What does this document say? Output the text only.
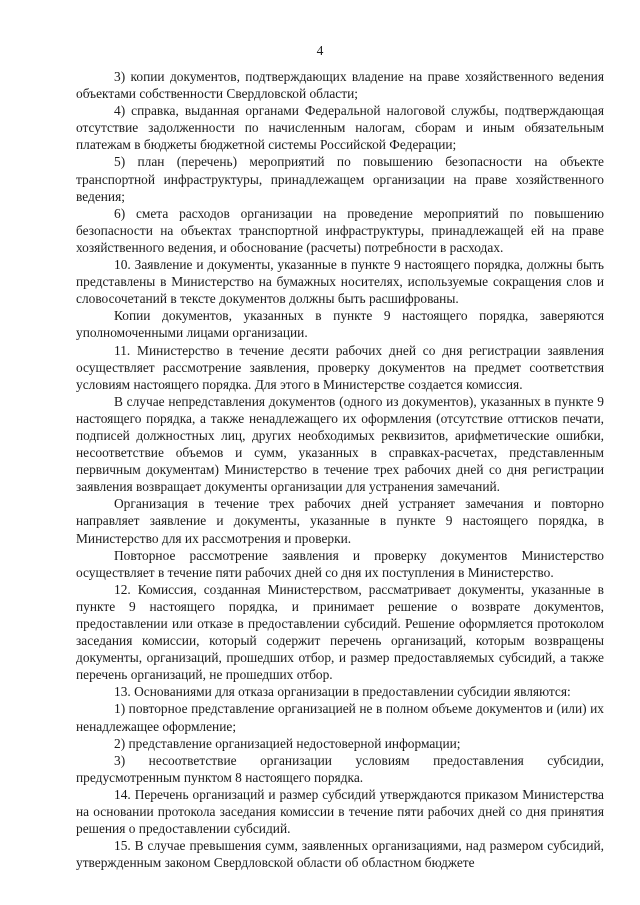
4

3) копии документов, подтверждающих владение на праве хозяйственного ведения объектами собственности Свердловской области;

4) справка, выданная органами Федеральной налоговой службы, подтверждающая отсутствие задолженности по начисленным налогам, сборам и иным обязательным платежам в бюджеты бюджетной системы Российской Федерации;

5) план (перечень) мероприятий по повышению безопасности на объекте транспортной инфраструктуры, принадлежащем организации на праве хозяйственного ведения;

6) смета расходов организации на проведение мероприятий по повышению безопасности на объектах транспортной инфраструктуры, принадлежащей ей на праве хозяйственного ведения, и обоснование (расчеты) потребности в расходах.

10. Заявление и документы, указанные в пункте 9 настоящего порядка, должны быть представлены в Министерство на бумажных носителях, используемые сокращения слов и словосочетаний в тексте документов должны быть расшифрованы.

Копии документов, указанных в пункте 9 настоящего порядка, заверяются уполномоченными лицами организации.

11. Министерство в течение десяти рабочих дней со дня регистрации заявления осуществляет рассмотрение заявления, проверку документов на предмет соответствия условиям настоящего порядка. Для этого в Министерстве создается комиссия.

В случае непредставления документов (одного из документов), указанных в пункте 9 настоящего порядка, а также ненадлежащего их оформления (отсутствие оттисков печати, подписей должностных лиц, других необходимых реквизитов, арифметические ошибки, несоответствие объемов и сумм, указанных в справках-расчетах, представленным первичным документам) Министерство в течение трех рабочих дней со дня регистрации заявления возвращает документы организации для устранения замечаний.

Организация в течение трех рабочих дней устраняет замечания и повторно направляет заявление и документы, указанные в пункте 9 настоящего порядка, в Министерство для их рассмотрения и проверки.

Повторное рассмотрение заявления и проверку документов Министерство осуществляет в течение пяти рабочих дней со дня их поступления в Министерство.

12. Комиссия, созданная Министерством, рассматривает документы, указанные в пункте 9 настоящего порядка, и принимает решение о возврате документов, предоставлении или отказе в предоставлении субсидий. Решение оформляется протоколом заседания комиссии, который содержит перечень организаций, которым возвращены документы, организаций, прошедших отбор, и размер предоставляемых субсидий, а также перечень организаций, не прошедших отбор.

13. Основаниями для отказа организации в предоставлении субсидии являются:

1) повторное представление организацией не в полном объеме документов и (или) их ненадлежащее оформление;

2) представление организацией недостоверной информации;

3) несоответствие организации условиям предоставления субсидии, предусмотренным пунктом 8 настоящего порядка.

14. Перечень организаций и размер субсидий утверждаются приказом Министерства на основании протокола заседания комиссии в течение пяти рабочих дней со дня принятия решения о предоставлении субсидий.

15. В случае превышения сумм, заявленных организациями, над размером субсидий, утвержденным законом Свердловской области об областном бюджете
